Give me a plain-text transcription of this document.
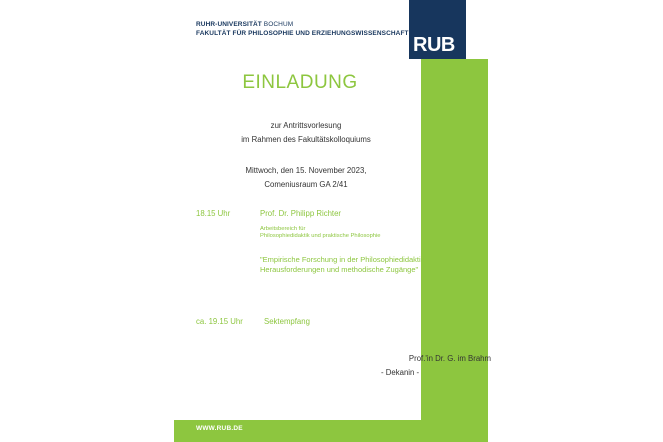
WWW.RUB.DE
RUB
RUHR-UNIVERSITÄT BOCHUM
FAKULTÄT FÜR PHILOSOPHIE UND ERZIEHUNGSWISSENSCHAFT
EINLADUNG
zur Antrittsvorlesung
im Rahmen des Fakultätskolloquiums
Mittwoch, den 15. November 2023,
Comeniusraum GA 2/41
18.15 Uhr	Prof. Dr. Philipp Richter
Arbeitsbereich für
Philosophiedidaktik und praktische Philosophie
"Empirische Forschung in der Philosophiedidaktik -
Herausforderungen und methodische Zugänge"
ca. 19.15 Uhr	Sektempfang
Prof.'in Dr. G. im Brahm
- Dekanin -
